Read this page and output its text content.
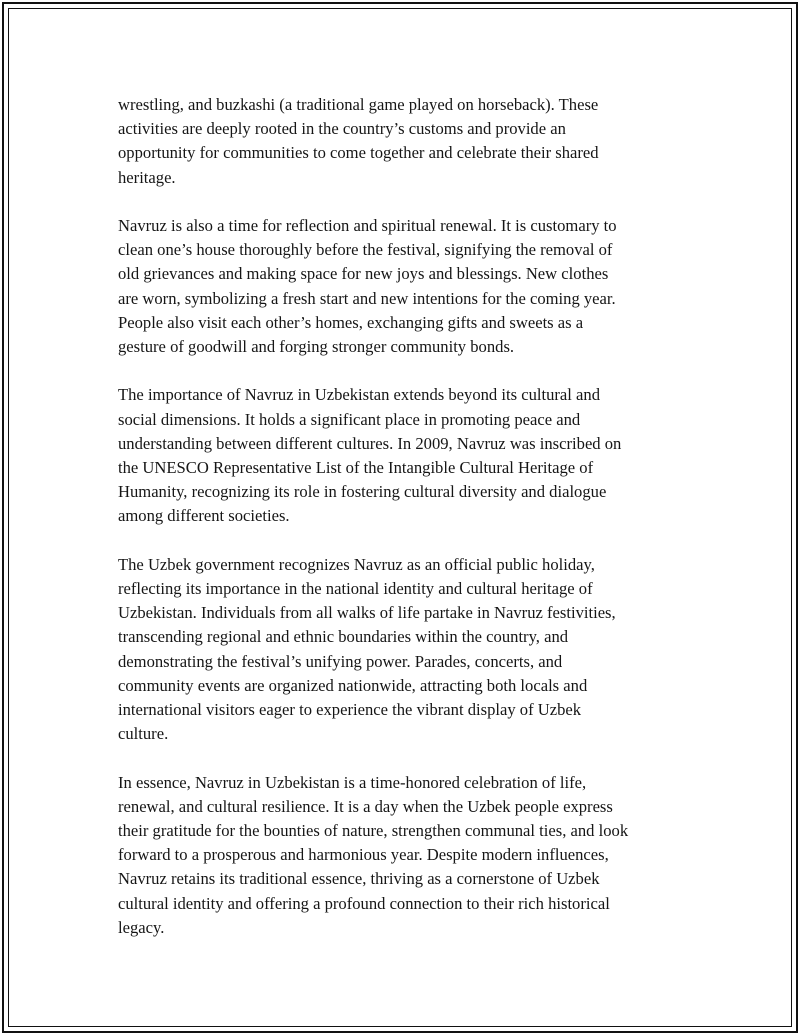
wrestling, and buzkashi (a traditional game played on horseback). These
activities are deeply rooted in the country’s customs and provide an
opportunity for communities to come together and celebrate their shared
heritage.

Navruz is also a time for reflection and spiritual renewal. It is customary to
clean one’s house thoroughly before the festival, signifying the removal of
old grievances and making space for new joys and blessings. New clothes
are worn, symbolizing a fresh start and new intentions for the coming year.
People also visit each other’s homes, exchanging gifts and sweets as a
gesture of goodwill and forging stronger community bonds.

The importance of Navruz in Uzbekistan extends beyond its cultural and
social dimensions. It holds a significant place in promoting peace and
understanding between different cultures. In 2009, Navruz was inscribed on
the UNESCO Representative List of the Intangible Cultural Heritage of
Humanity, recognizing its role in fostering cultural diversity and dialogue
among different societies.

The Uzbek government recognizes Navruz as an official public holiday,
reflecting its importance in the national identity and cultural heritage of
Uzbekistan. Individuals from all walks of life partake in Navruz festivities,
transcending regional and ethnic boundaries within the country, and
demonstrating the festival’s unifying power. Parades, concerts, and
community events are organized nationwide, attracting both locals and
international visitors eager to experience the vibrant display of Uzbek
culture.

In essence, Navruz in Uzbekistan is a time-honored celebration of life,
renewal, and cultural resilience. It is a day when the Uzbek people express
their gratitude for the bounties of nature, strengthen communal ties, and look
forward to a prosperous and harmonious year. Despite modern influences,
Navruz retains its traditional essence, thriving as a cornerstone of Uzbek
cultural identity and offering a profound connection to their rich historical
legacy.
